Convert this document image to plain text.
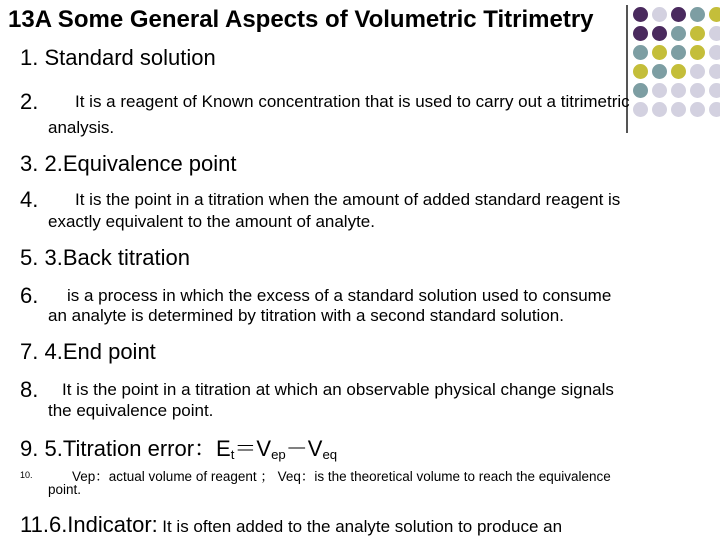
13A Some General Aspects of Volumetric Titrimetry
1. Standard solution
2. It is a reagent of Known concentration that is used to carry out a titrimetric
analysis.
3. 2.Equivalence point
4. It is the point in a titration when the amount of added standard reagent is
exactly equivalent to the amount of analyte.
5. 3.Back titration
6. is a process in which the excess of a standard solution used to consume
an analyte is determined by titration with a second standard solution.
7. 4.End point
8. It is the point in a titration at which an observable physical change signals
the equivalence point.
9. 5.Titration error：$E_t=V_{ep}-V_{eq}$
10.	Vep：actual volume of reagent ； Veq：is the theoretical volume to reach the equivalence
point.
11.6.Indicator: It is often added to the analyte solution to produce an
